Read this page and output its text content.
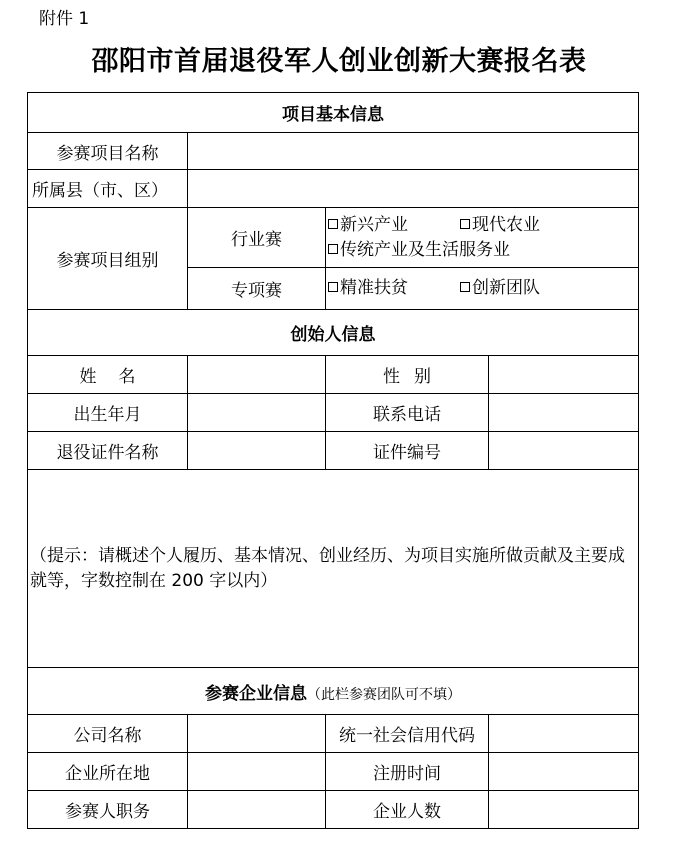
附件 1
邵阳市首届退役军人创业创新大赛报名表
项目基本信息			
参赛项目名称			
所属县（市、区）			
参赛项目组别	行业赛	新兴产业 现代农业
传统产业及生活服务业	
	专项赛	精准扶贫 创新团队	
创始人信息			
姓名		性别	
出生年月		联系电话	
退役证件名称		证件编号	
（提示：请概述个人履历、基本情况、创业经历、为项目实施所做贡献及主要成就等，字数控制在 200 字以内）			
参赛企业信息（此栏参赛团队可不填）			
公司名称		统一社会信用代码	
企业所在地		注册时间	
参赛人职务		企业人数	
